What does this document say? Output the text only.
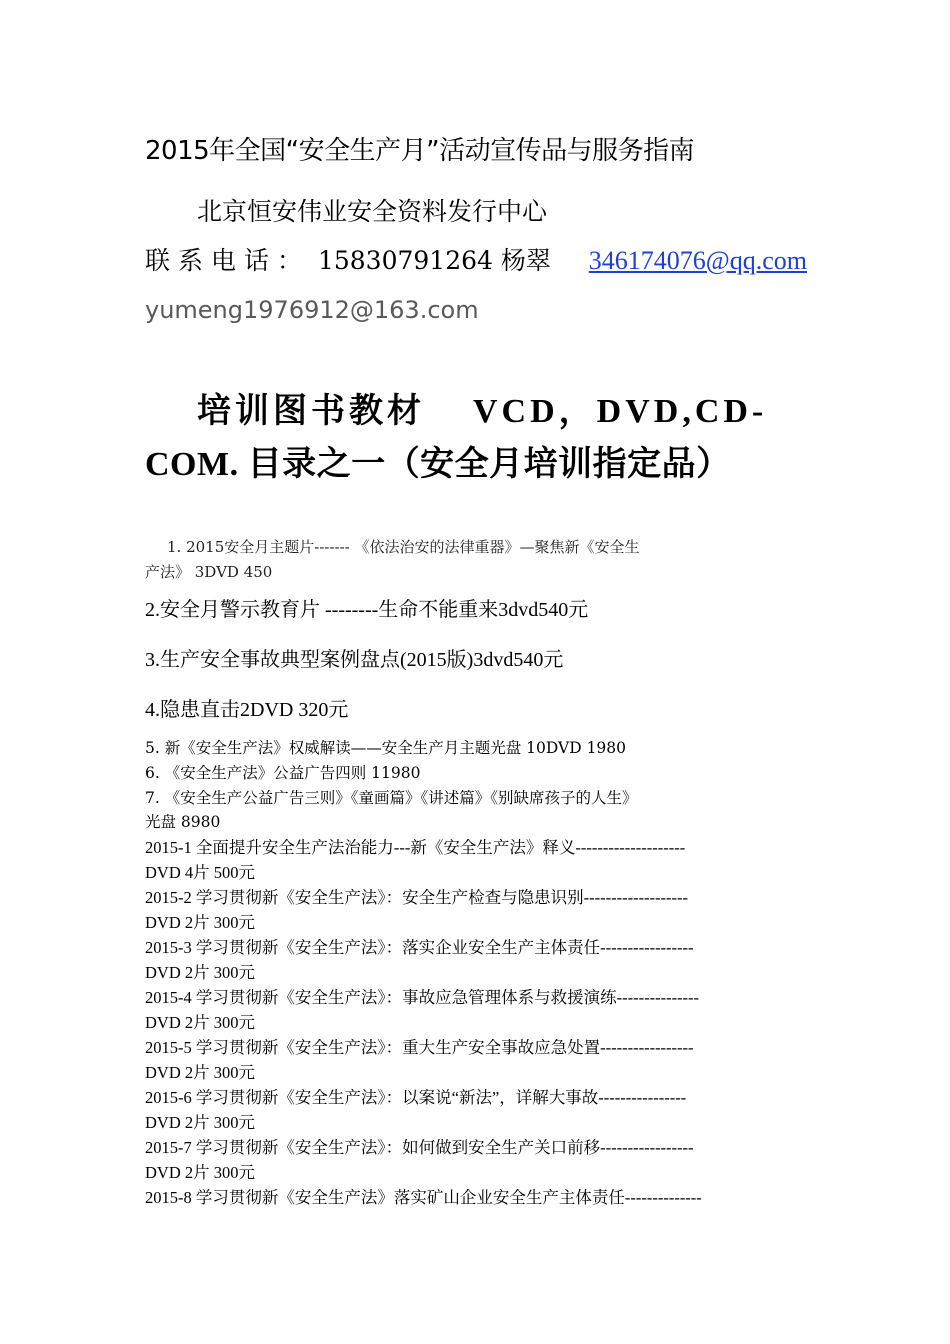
2015年全国“安全生产月”活动宣传品与服务指南
北京恒安伟业安全资料发行中心
联系电话： 15830791264 杨翠 346174076@qq.com
yumeng1976912@163.com
培训图书教材 VCD，DVD,CD-
COM. 目录之一（安全月培训指定品）
1. 2015安全月主题片------- 《依法治安的法律重器》—聚焦新《安全生
产法》 3DVD 450
2.安全月警示教育片 --------生命不能重来3dvd540元
3.生产安全事故典型案例盘点(2015版)3dvd540元
4.隐患直击2DVD 320元
5. 新《安全生产法》权威解读——安全生产月主题光盘 10DVD 1980
6. 《安全生产法》公益广告四则 11980
7. 《安全生产公益广告三则》《童画篇》《讲述篇》《别缺席孩子的人生》
光盘 8980
2015-1 全面提升安全生产法治能力---新《安全生产法》释义--------------------
DVD 4片 500元
2015-2 学习贯彻新《安全生产法》：安全生产检查与隐患识别-------------------
DVD 2片 300元
2015-3 学习贯彻新《安全生产法》：落实企业安全生产主体责任-----------------
DVD 2片 300元
2015-4 学习贯彻新《安全生产法》：事故应急管理体系与救援演练---------------
DVD 2片 300元
2015-5 学习贯彻新《安全生产法》：重大生产安全事故应急处置-----------------
DVD 2片 300元
2015-6 学习贯彻新《安全生产法》：以案说“新法”，详解大事故----------------
DVD 2片 300元
2015-7 学习贯彻新《安全生产法》：如何做到安全生产关口前移-----------------
DVD 2片 300元
2015-8 学习贯彻新《安全生产法》落实矿山企业安全生产主体责任--------------
